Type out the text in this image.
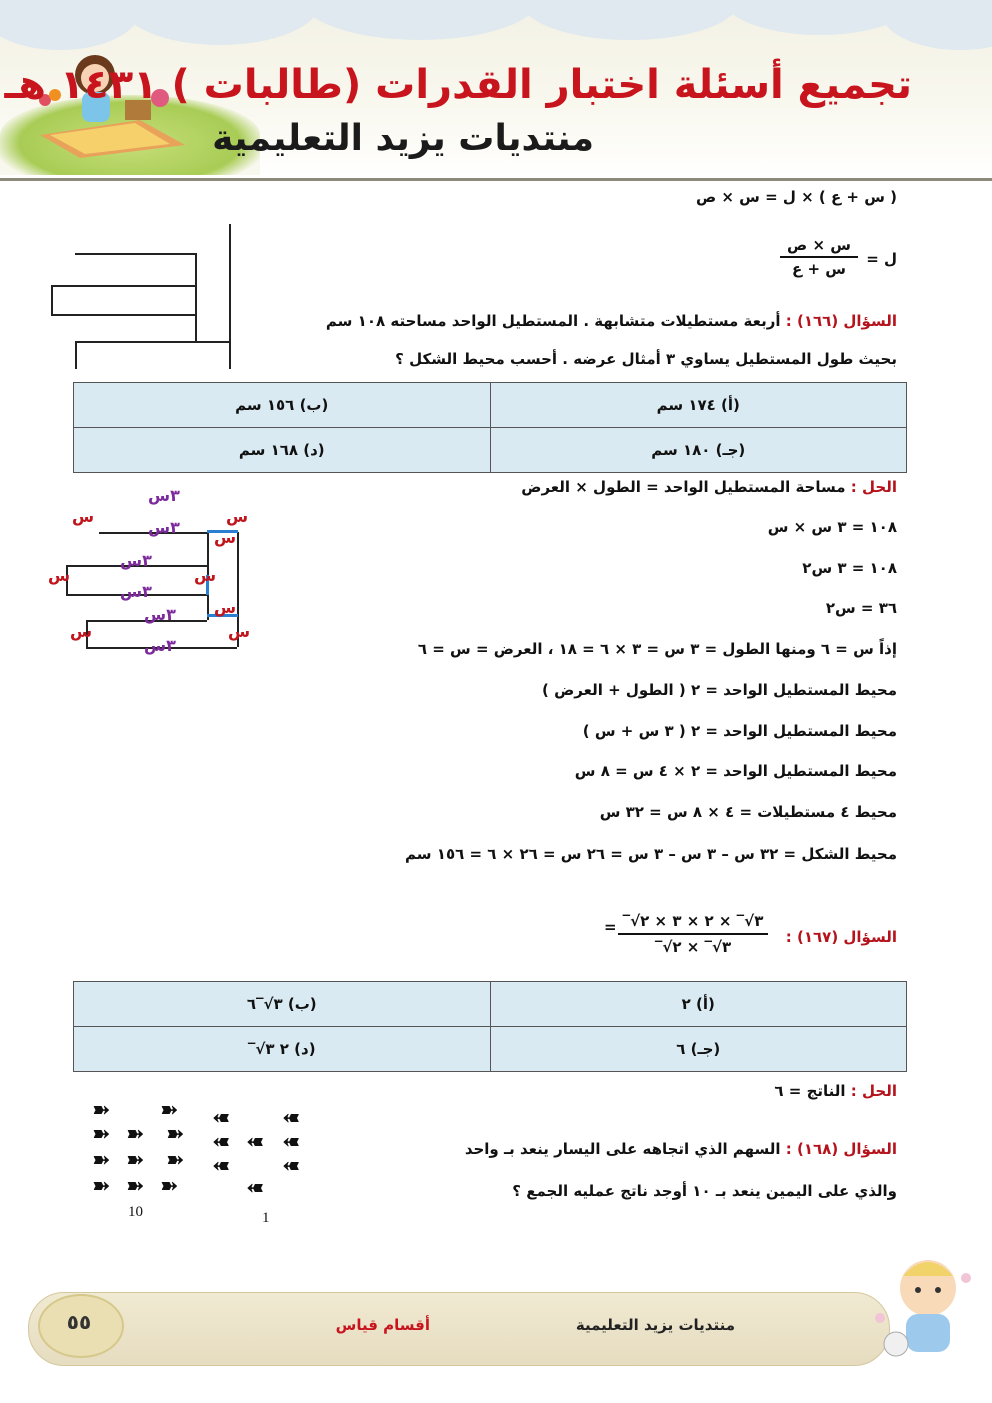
تجميع أسئلة اختبار القدرات (طالبات ) ١٤٣١ هـ
منتديات يزيد التعليمية
( س + ع ) × ل = س × ص
ل =
س × ص
س + ع
السؤال (١٦٦) : أربعة مستطيلات متشابهة . المستطيل الواحد مساحته ١٠٨ سم
بحيث طول المستطيل يساوي ٣ أمثال عرضه . أحسب محيط الشكل ؟
(ب) ١٥٦ سم	(أ) ١٧٤ سم
(د) ١٦٨ سم	(جـ) ١٨٠ سم
الحل : مساحة المستطيل الواحد = الطول × العرض
١٠٨ = ٣ س × س
١٠٨ = ٣ س٢
٣٦ = س٢
إذاً س = ٦ ومنها الطول = ٣ س = ٣ × ٦ = ١٨ ، العرض = س = ٦
محيط المستطيل الواحد = ٢ ( الطول + العرض )
محيط المستطيل الواحد = ٢ ( ٣ س + س )
محيط المستطيل الواحد = ٢ × ٤ س = ٨ س
محيط ٤ مستطيلات = ٤ × ٨ س = ٣٢ س
محيط الشكل = ٣٢ س – ٣ س – ٣ س = ٢٦ س = ٢٦ × ٦ = ١٥٦ سم
٣س
٣س
٣س
٣س
٣س
٣س
س	س
س
س	س
س
س	س
السؤال (١٦٧) :
= ٣√‾ × ٢ × ٣ × ٢√‾
٣√‾ × ٢√‾
(ب) ٣√‾٦	(أ) ٢
(د) ٢ ٣√‾	(جـ) ٦
الحل : الناتج = ٦
السؤال (١٦٨) : السهم الذي اتجاهه على اليسار ينعد بـ واحد
والذي على اليمين ينعد بـ ١٠ أوجد ناتج عمليه الجمع ؟
➽ ➽
➽ ➽ ➽
➽ ➽ ➽
➽ ➽ ➽
➽ ➽
➽ ➽ ➽
➽ ➽
➽
10	1
٥٥	أقسام قياس	منتديات يزيد التعليمية
